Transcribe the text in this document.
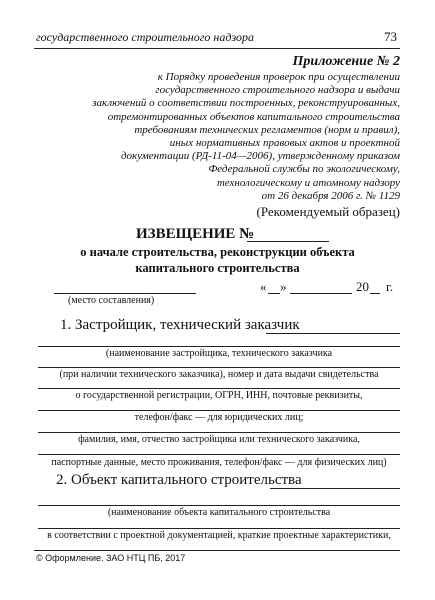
государственного строительного надзора	73
Приложение № 2
к Порядку проведения проверок при осуществлении
государственного строительного надзора и выдачи
заключений о соответствии построенных, реконструированных,
отремонтированных объектов капитального строительства
требованиям технических регламентов (норм и правил),
иных нормативных правовых актов и проектной
документации (РД-11-04—2006), утвержденному приказом
Федеральной службы по экологическому,
технологическому и атомному надзору
от 26 декабря 2006 г. № 1129
(Рекомендуемый образец)
ИЗВЕЩЕНИЕ №
о начале строительства, реконструкции объекта
капитального строительства
« »	20 г.
(место составления)
1. Застройщик, технический заказчик
(наименование застройщика, технического заказчика
(при наличии технического заказчика), номер и дата выдачи свидетельства
о государственной регистрации, ОГРН, ИНН, почтовые реквизиты,
телефон/факс — для юридических лиц;
фамилия, имя, отчество застройщика или технического заказчика,
паспортные данные, место проживания, телефон/факс — для физических лиц)
2. Объект капитального строительства
(наименование объекта капитального строительства
в соответствии с проектной документацией, краткие проектные характеристики,
© Оформление. ЗАО НТЦ ПБ, 2017
